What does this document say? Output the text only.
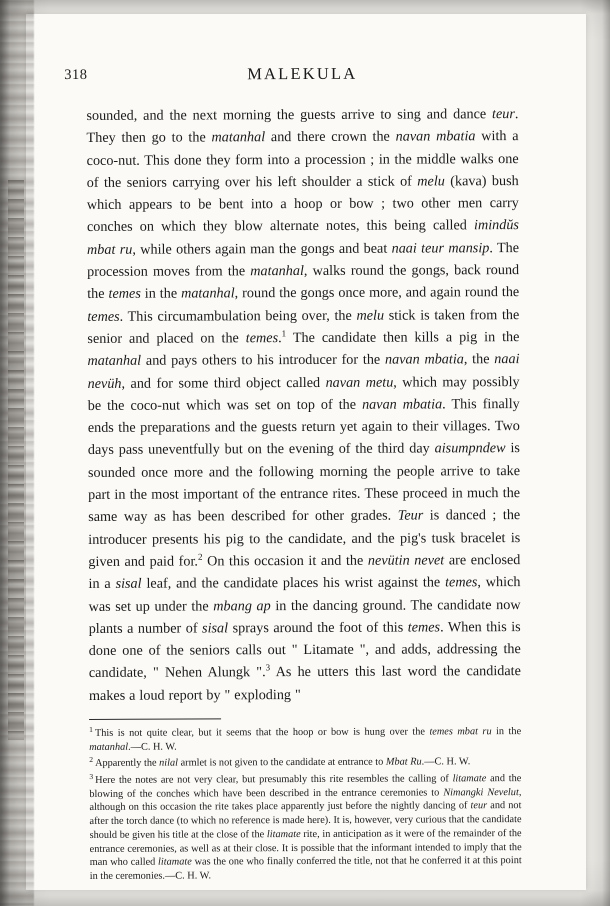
318	MALEKULA

sounded, and the next morning the guests arrive to sing and dance teur. They then go to the matanhal and there crown the navan mbatia with a coco-nut. This done they form into a procession ; in the middle walks one of the seniors carrying over his left shoulder a stick of melu (kava) bush which appears to be bent into a hoop or bow ; two other men carry conches on which they blow alternate notes, this being called imindŭs mbat ru, while others again man the gongs and beat naai teur mansip. The procession moves from the matanhal, walks round the gongs, back round the temes in the matanhal, round the gongs once more, and again round the temes. This circumambulation being over, the melu stick is taken from the senior and placed on the temes.$^1$ The candidate then kills a pig in the matanhal and pays others to his introducer for the navan mbatia, the naai nevüh, and for some third object called navan metu, which may possibly be the coco-nut which was set on top of the navan mbatia. This finally ends the preparations and the guests return yet again to their villages. Two days pass uneventfully but on the evening of the third day aisumpndew is sounded once more and the following morning the people arrive to take part in the most important of the entrance rites. These proceed in much the same way as has been described for other grades. Teur is danced ; the introducer presents his pig to the candidate, and the pig's tusk bracelet is given and paid for.$^2$ On this occasion it and the nevütin nevet are enclosed in a sisal leaf, and the candidate places his wrist against the temes, which was set up under the mbang ap in the dancing ground. The candidate now plants a number of sisal sprays around the foot of this temes. When this is done one of the seniors calls out " Litamate ", and adds, addressing the candidate, " Nehen Alungk ".$^3$ As he utters this last word the candidate makes a loud report by " exploding "

$^1$ This is not quite clear, but it seems that the hoop or bow is hung over the temes mbat ru in the matanhal.—C. H. W.

$^2$ Apparently the nilal armlet is not given to the candidate at entrance to Mbat Ru.—C. H. W.

$^3$ Here the notes are not very clear, but presumably this rite resembles the calling of litamate and the blowing of the conches which have been described in the entrance ceremonies to Nimangki Nevelut, although on this occasion the rite takes place apparently just before the nightly dancing of teur and not after the torch dance (to which no reference is made here). It is, however, very curious that the candidate should be given his title at the close of the litamate rite, in anticipation as it were of the remainder of the entrance ceremonies, as well as at their close. It is possible that the informant intended to imply that the man who called litamate was the one who finally conferred the title, not that he conferred it at this point in the ceremonies.—C. H. W.
